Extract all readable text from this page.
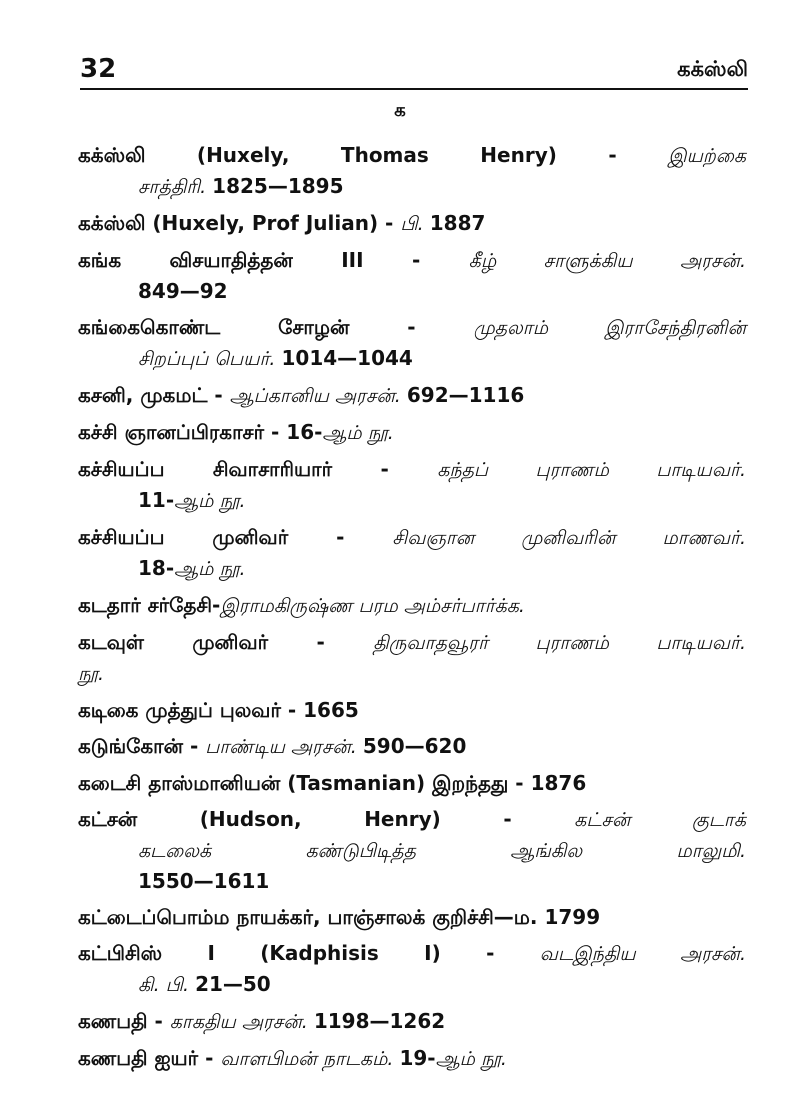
32	கக்ஸ்லி
க
கக்ஸ்லி (Huxely, Thomas Henry) - இயற்கை
சாத்திரி. 1825—1895
கக்ஸ்லி (Huxely, Prof Julian) - பி. 1887
கங்க விசயாதித்தன் III - கீழ் சாளுக்கிய அரசன்.
849—92
கங்கைகொண்ட சோழன் - முதலாம் இராசேந்திரனின்
சிறப்புப் பெயர். 1014—1044
கசனி, முகமட் - ஆப்கானிய அரசன். 692—1116
கச்சி ஞானப்பிரகாசர் - 16-ஆம் நூ.
கச்சியப்ப சிவாசாரியார் - கந்தப் புராணம் பாடியவர்.
11-ஆம் நூ.
கச்சியப்ப முனிவர் - சிவஞான முனிவரின் மாணவர்.
18-ஆம் நூ.
கடதார் சர்தேசி-இராமகிருஷ்ண பரம அம்சர்பார்க்க.
கடவுள் முனிவர் - திருவாதவூரர் புராணம் பாடியவர்.
நூ.
கடிகை முத்துப் புலவர் - 1665
கடுங்கோன் - பாண்டிய அரசன். 590—620
கடைசி தாஸ்மானியன் (Tasmanian) இறந்தது - 1876
கட்சன் (Hudson, Henry) - கட்சன் குடாக்
கடலைக் கண்டுபிடித்த ஆங்கில மாலுமி.
1550—1611
கட்டைப்பொம்ம நாயக்கர், பாஞ்சாலக் குறிச்சி—ம. 1799
கட்பிசிஸ் I (Kadphisis I) - வடஇந்திய அரசன்.
கி. பி. 21—50
கணபதி - காகதிய அரசன். 1198—1262
கணபதி ஐயர் - வாளபிமன் நாடகம். 19-ஆம் நூ.
